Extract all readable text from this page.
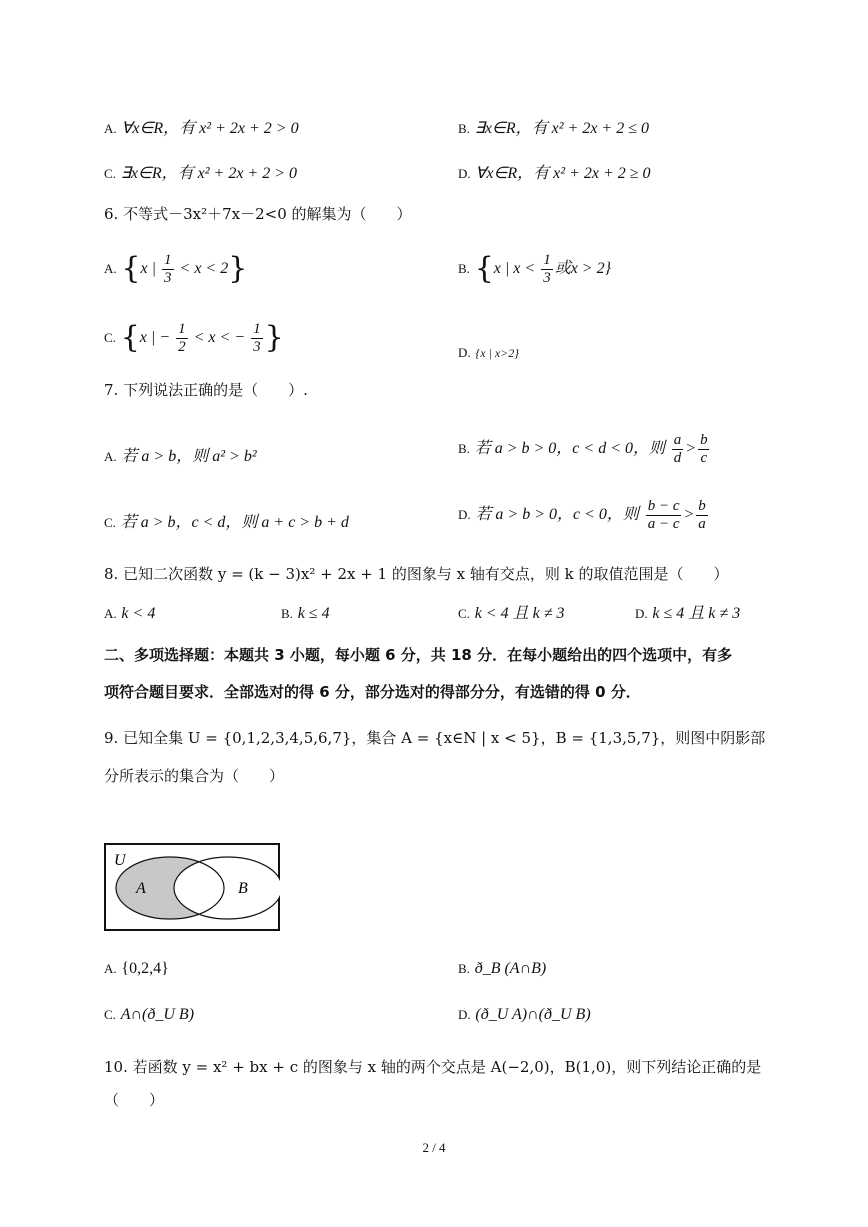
A. ∀x∈R，有 x² + 2x + 2 > 0	B. ∃x∈R，有 x² + 2x + 2 ≤ 0
C. ∃x∈R，有 x² + 2x + 2 > 0	D. ∀x∈R，有 x² + 2x + 2 ≥ 0
6. 不等式－3x²＋7x－2<0 的解集为（　　）
A. {x | $\frac{1}{3} < x < 2$}	B. {x | $x < \frac{1}{3}$ 或x > 2}
C. {x | − $\frac{1}{2} < x$ < − $\frac{1}{3}$ }	D. {x | x>2}
7. 下列说法正确的是（　　）.
A. 若 a > b，则 a² > b²	B. 若 a > b > 0，c < d < 0，则 $\frac{a}{d} > \frac{b}{c}$
C. 若 a > b，c < d，则 a + c > b + d	D. 若 a > b > 0，c < 0，则 $\frac{b - c}{a - c} > \frac{b}{a}$
8. 已知二次函数 y = (k − 3)x² + 2x + 1 的图象与 x 轴有交点，则 k 的取值范围是（　　）
A. k < 4	B. k ≤ 4	C. k < 4 且 k ≠ 3	D. k ≤ 4 且 k ≠ 3
二、多项选择题：本题共 3 小题，每小题 6 分，共 18 分．在每小题给出的四个选项中，有多
项符合题目要求．全部选对的得 6 分，部分选对的得部分分，有选错的得 0 分．
9. 已知全集 U = {0,1,2,3,4,5,6,7}，集合 A = {x∈N | x < 5}，B = {1,3,5,7}，则图中阴影部
分所表示的集合为（　　）
U
A	B
A. {0,2,4}	B. ð_B (A∩B)
C. A∩(ð_U B)	D. (ð_U A)∩(ð_U B)
10. 若函数 y = x² + bx + c 的图象与 x 轴的两个交点是 A(−2,0)，B(1,0)，则下列结论正确的是
（　　）
2 / 4
